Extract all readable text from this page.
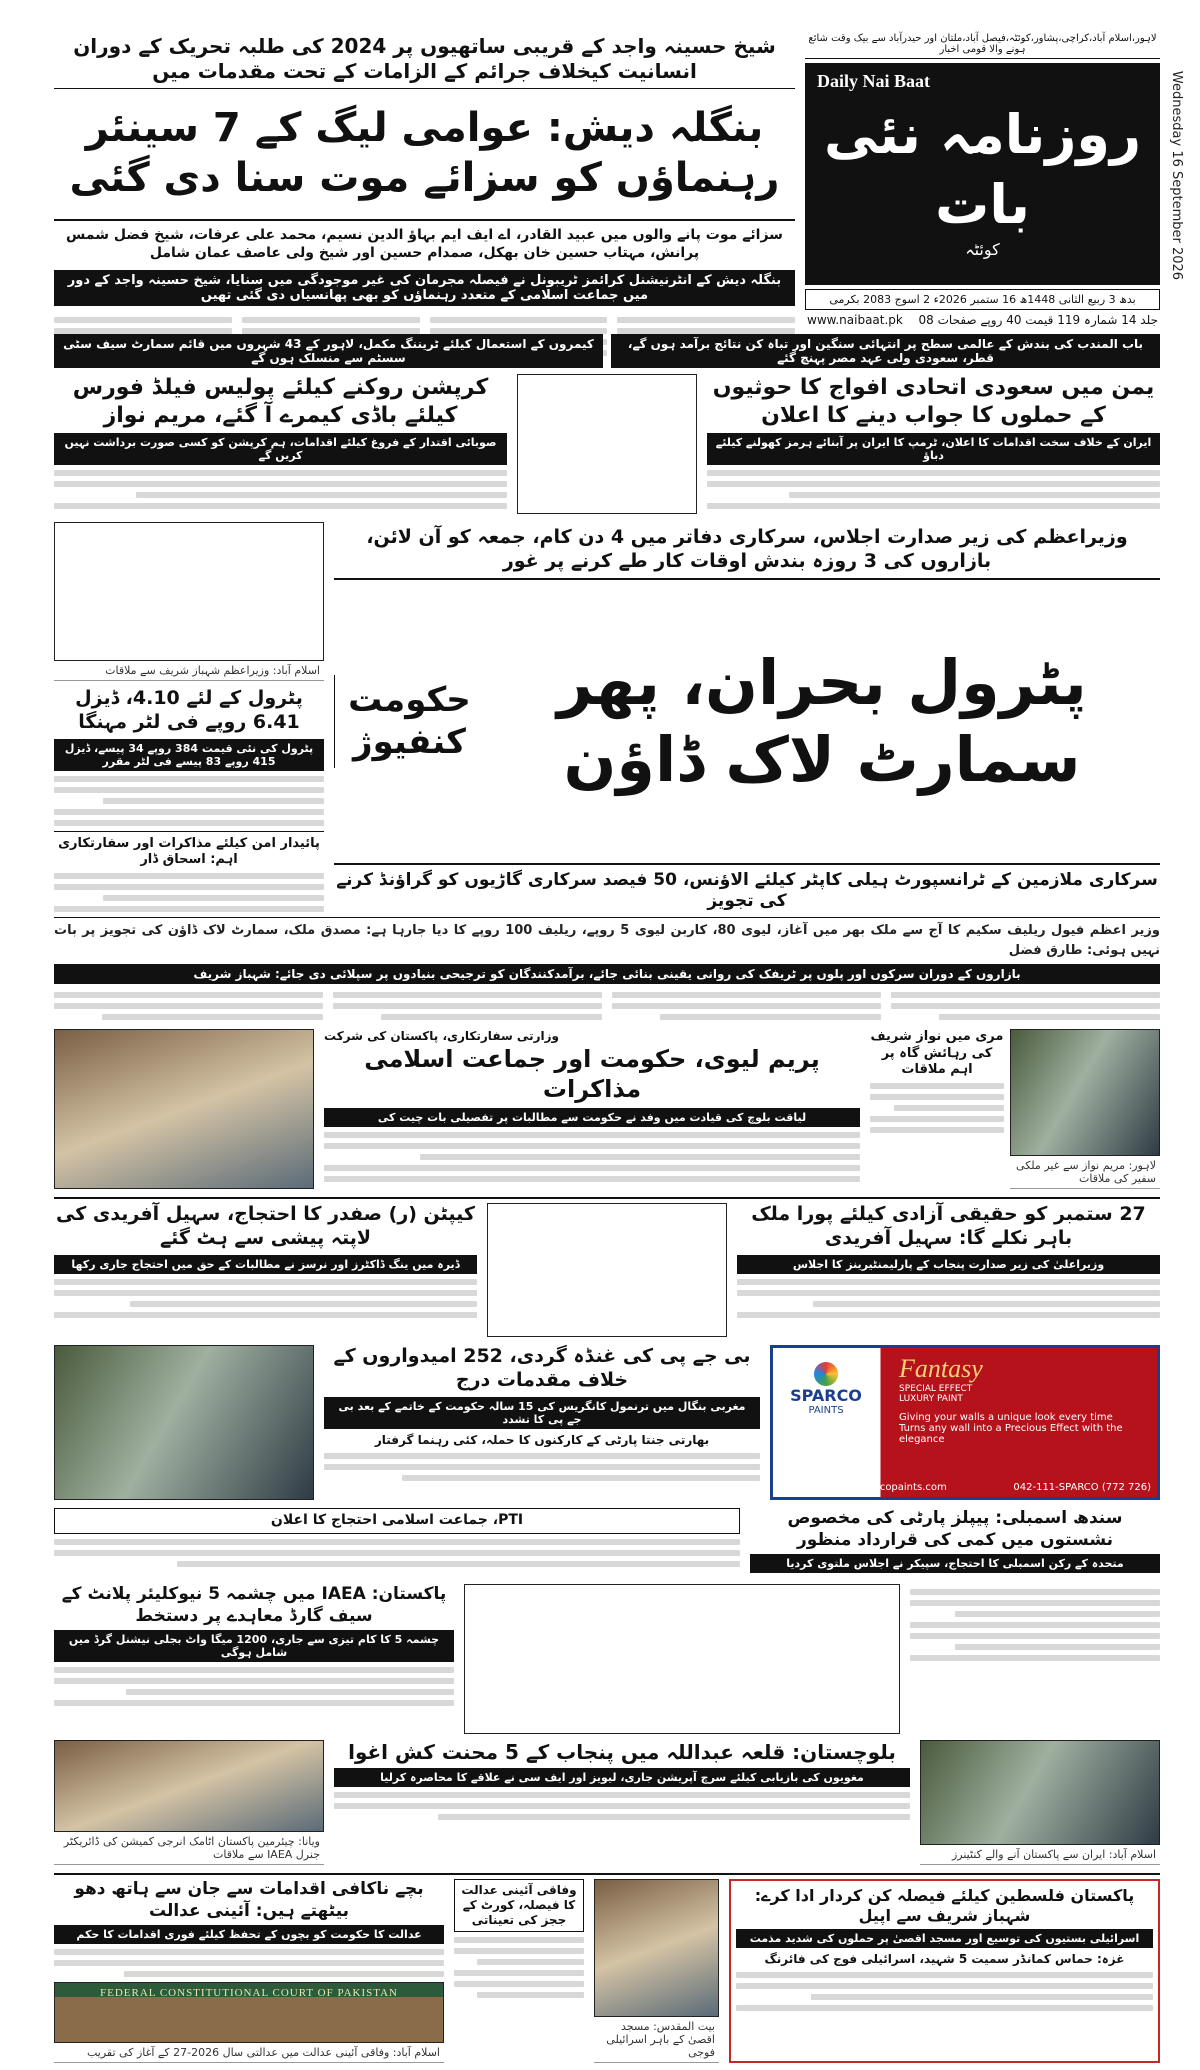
Wednesday 16 September 2026
شیخ حسینہ واجد کے قریبی ساتھیوں پر 2024 کی طلبہ تحریک کے دوران انسانیت کیخلاف جرائم کے الزامات کے تحت مقدمات میں
بنگلہ دیش: عوامی لیگ کے 7 سینئر رہنماؤں کو سزائے موت سنا دی گئی
سزائے موت پانے والوں میں عبید القادر، اے ایف ایم بہاؤ الدین نسیم، محمد علی عرفات، شیخ فضل شمس پرانش، مہتاب حسین خان بھکل، صمدام حسین اور شیخ ولی عاصف عمان شامل
بنگلہ دیش کے انٹرنیشنل کرائمز ٹریبونل نے فیصلہ مجرمان کی غیر موجودگی میں سنایا، شیخ حسینہ واجد کے دور میں جماعت اسلامی کے متعدد رہنماؤں کو بھی پھانسیاں دی گئی تھیں
لاہور،اسلام آباد،کراچی،پشاور،کوئٹہ،فیصل آباد،ملتان اور حیدرآباد سے بیک وقت شائع ہونے والا قومی اخبار
Daily Nai Baat
روزنامہ نئی بات
کوئٹہ
بدھ 3 ربیع الثانی 1448ھ 16 ستمبر 2026ء 2 اسوج 2083 بکرمی
www.naibaat.pk جلد 14 شمارہ 119 قیمت 40 روپے صفحات 08
کیمروں کے استعمال کیلئے ٹریننگ مکمل، لاہور کے 43 شہروں میں قائم سمارٹ سیف سٹی سسٹم سے منسلک ہوں گے
باب المندب کی بندش کے عالمی سطح پر انتہائی سنگین اور تباہ کن نتائج برآمد ہوں گے، قطر، سعودی ولی عہد مصر پہنچ گئے
کرپشن روکنے کیلئے پولیس فیلڈ فورس کیلئے باڈی کیمرے آ گئے، مریم نواز
صوبائی اقتدار کے فروغ کیلئے اقدامات، ہم کرپشن کو کسی صورت برداشت نہیں کریں گے
یمن میں سعودی اتحادی افواج کا حوثیوں کے حملوں کا جواب دینے کا اعلان
ایران کے خلاف سخت اقدامات کا اعلان، ٹرمپ کا ایران پر آبنائے ہرمز کھولنے کیلئے دباؤ
اسلام آباد: وزیراعظم شہباز شریف سے ملاقات
پٹرول کے لئے 4.10، ڈیزل 6.41 روپے فی لٹر مہنگا
پٹرول کی نئی قیمت 384 روپے 34 پیسے، ڈیزل 415 روپے 83 پیسے فی لٹر مقرر
پائیدار امن کیلئے مذاکرات اور سفارتکاری اہم: اسحاق ڈار
وزیراعظم کی زیر صدارت اجلاس، سرکاری دفاتر میں 4 دن کام، جمعہ کو آن لائن، بازاروں کی 3 روزہ بندش اوقات کار طے کرنے پر غور
حکومت کنفیوژ
پٹرول بحران، پھر سمارٹ لاک ڈاؤن
سرکاری ملازمین کے ٹرانسپورٹ ہیلی کاپٹر کیلئے الاؤنس، 50 فیصد سرکاری گاڑیوں کو گراؤنڈ کرنے کی تجویز
وزیر اعظم فیول ریلیف سکیم کا آج سے ملک بھر میں آغاز، لیوی 80، کاربن لیوی 5 روپے، ریلیف 100 روپے کا دیا جارہا ہے: مصدق ملک، سمارٹ لاک ڈاؤن کی تجویز پر بات نہیں ہوئی: طارق فضل
بازاروں کے دوران سرکوں اور پلوں پر ٹریفک کی روانی یقینی بنائی جائے، برآمدکنندگان کو ترجیحی بنیادوں پر سپلائی دی جائے: شہباز شریف
وزارتی سفارتکاری، پاکستان کی شرکت
پریم لیوی، حکومت اور جماعت اسلامی مذاکرات
لیاقت بلوچ کی قیادت میں وفد نے حکومت سے مطالبات پر تفصیلی بات چیت کی
مری میں نواز شریف کی رہائش گاہ پر اہم ملاقات
لاہور: مریم نواز سے غیر ملکی سفیر کی ملاقات
کیپٹن (ر) صفدر کا احتجاج، سہیل آفریدی کی لاپتہ پیشی سے ہٹ گئے
ڈیرہ میں ینگ ڈاکٹرز اور نرسز نے مطالبات کے حق میں احتجاج جاری رکھا
27 ستمبر کو حقیقی آزادی کیلئے پورا ملک باہر نکلے گا: سہیل آفریدی
وزیراعلیٰ کی زیر صدارت پنجاب کے پارلیمنٹیرینز کا اجلاس
بی جے پی کی غنڈہ گردی، 252 امیدواروں کے خلاف مقدمات درج
مغربی بنگال میں ترنمول کانگریس کی 15 سالہ حکومت کے خاتمے کے بعد بی جے پی کا تشدد
بھارتی جنتا پارٹی کے کارکنوں کا حملہ، کئی رہنما گرفتار
SPARCO
PAINTS
Fantasy
SPECIAL EFFECT
LUXURY PAINT
Giving your walls a unique look every time
Turns any wall into a Precious Effect with the elegance
Visit us at www.sparcopaints.com	042-111-SPARCO (772 726)
PTI، جماعت اسلامی احتجاج کا اعلان	سندھ اسمبلی: پیپلز پارٹی کی مخصوص نشستوں میں کمی کی قرارداد منظور
متحدہ کے رکن اسمبلی کا احتجاج، سپیکر نے اجلاس ملتوی کردیا
پاکستان: IAEA میں چشمہ 5 نیوکلیئر پلانٹ کے سیف گارڈ معاہدے پر دستخط
چشمہ 5 کا کام تیزی سے جاری، 1200 میگا واٹ بجلی نیشنل گرڈ میں شامل ہوگی
ویانا: چیئرمین پاکستان اٹامک انرجی کمیشن کی ڈائریکٹر جنرل IAEA سے ملاقات
بلوچستان: قلعہ عبداللہ میں پنجاب کے 5 محنت کش اغوا
مغویوں کی بازیابی کیلئے سرچ آپریشن جاری، لیویز اور ایف سی نے علاقے کا محاصرہ کرلیا
اسلام آباد: ایران سے پاکستان آنے والے کنٹینرز
بچے ناکافی اقدامات سے جان سے ہاتھ دھو بیٹھتے ہیں: آئینی عدالت
عدالت کا حکومت کو بچوں کے تحفظ کیلئے فوری اقدامات کا حکم
FEDERAL CONSTITUTIONAL COURT OF PAKISTAN
اسلام آباد: وفاقی آئینی عدالت میں عدالتی سال 2026-27 کے آغاز کی تقریب
وفاقی آئینی عدالت کا فیصلہ، کورٹ کے ججز کی تعیناتی
بیت المقدس: مسجد اقصیٰ کے باہر اسرائیلی فوجی
پاکستان فلسطین کیلئے فیصلہ کن کردار ادا کرے: شہباز شریف سے اپیل
اسرائیلی بستیوں کی توسیع اور مسجد اقصیٰ پر حملوں کی شدید مذمت
غزہ: حماس کمانڈر سمیت 5 شہید، اسرائیلی فوج کی فائرنگ
